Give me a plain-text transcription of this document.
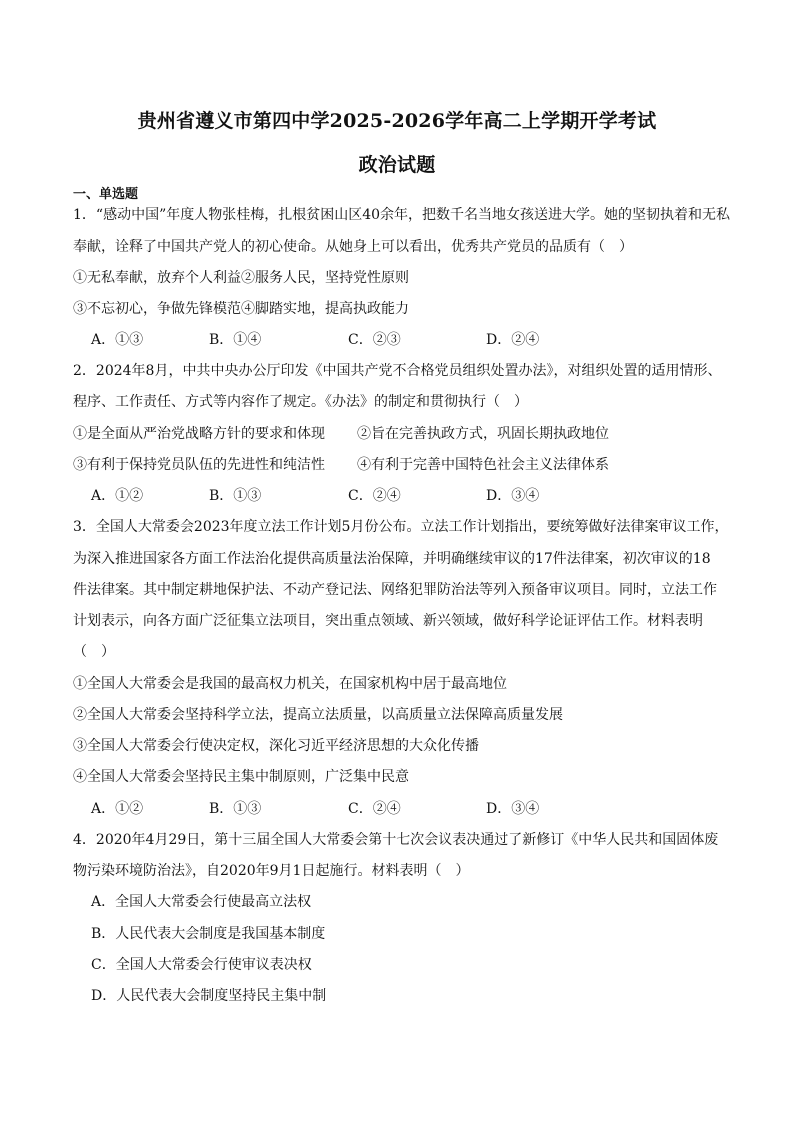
贵州省遵义市第四中学2025-2026学年高二上学期开学考试
政治试题
一、单选题
1．“感动中国”年度人物张桂梅，扎根贫困山区40余年，把数千名当地女孩送进大学。她的坚韧执着和无私
奉献，诠释了中国共产党人的初心使命。从她身上可以看出，优秀共产党员的品质有（　）
①无私奉献，放弃个人利益②服务人民，坚持党性原则
③不忘初心，争做先锋模范④脚踏实地，提高执政能力
A．①③	B．①④	C．②③	D．②④
2．2024年8月，中共中央办公厅印发《中国共产党不合格党员组织处置办法》，对组织处置的适用情形、
程序、工作责任、方式等内容作了规定。《办法》的制定和贯彻执行（　）
①是全面从严治党战略方针的要求和体现 ②旨在完善执政方式，巩固长期执政地位
③有利于保持党员队伍的先进性和纯洁性 ④有利于完善中国特色社会主义法律体系
A．①②	B．①③	C．②④	D．③④
3．全国人大常委会2023年度立法工作计划5月份公布。立法工作计划指出，要统筹做好法律案审议工作，
为深入推进国家各方面工作法治化提供高质量法治保障，并明确继续审议的17件法律案，初次审议的18
件法律案。其中制定耕地保护法、不动产登记法、网络犯罪防治法等列入预备审议项目。同时，立法工作
计划表示，向各方面广泛征集立法项目，突出重点领域、新兴领域，做好科学论证评估工作。材料表明
（　）
①全国人大常委会是我国的最高权力机关，在国家机构中居于最高地位
②全国人大常委会坚持科学立法，提高立法质量，以高质量立法保障高质量发展
③全国人大常委会行使决定权，深化习近平经济思想的大众化传播
④全国人大常委会坚持民主集中制原则，广泛集中民意
A．①②	B．①③	C．②④	D．③④
4．2020年4月29日，第十三届全国人大常委会第十七次会议表决通过了新修订《中华人民共和国固体废
物污染环境防治法》，自2020年9月1日起施行。材料表明（　）
A．全国人大常委会行使最高立法权
B．人民代表大会制度是我国基本制度
C．全国人大常委会行使审议表决权
D．人民代表大会制度坚持民主集中制
